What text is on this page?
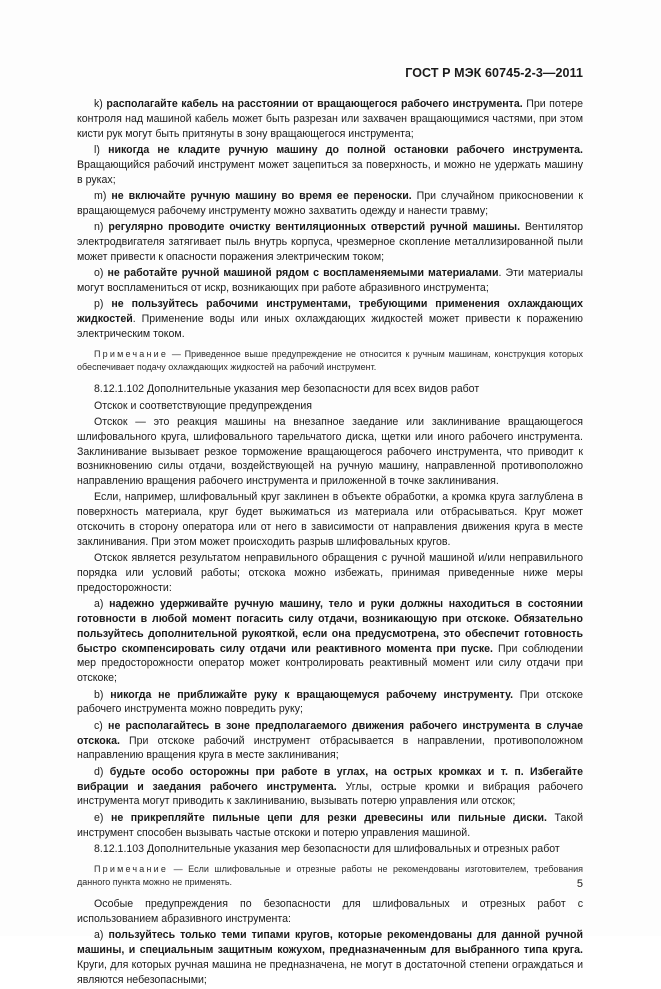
ГОСТ Р МЭК 60745-2-3—2011

k) располагайте кабель на расстоянии от вращающегося рабочего инструмента. При потере контроля над машиной кабель может быть разрезан или захвачен вращающимися частями, при этом кисти рук могут быть притянуты в зону вращающегося инструмента;

l) никогда не кладите ручную машину до полной остановки рабочего инструмента. Вращающийся рабочий инструмент может зацепиться за поверхность, и можно не удержать машину в руках;

m) не включайте ручную машину во время ее переноски. При случайном прикосновении к вращающемуся рабочему инструменту можно захватить одежду и нанести травму;

n) регулярно проводите очистку вентиляционных отверстий ручной машины. Вентилятор электродвигателя затягивает пыль внутрь корпуса, чрезмерное скопление металлизированной пыли может привести к опасности поражения электрическим током;

o) не работайте ручной машиной рядом с воспламеняемыми материалами. Эти материалы могут воспламениться от искр, возникающих при работе абразивного инструмента;

p) не пользуйтесь рабочими инструментами, требующими применения охлаждающих жидкостей. Применение воды или иных охлаждающих жидкостей может привести к поражению электрическим током.

Примечание — Приведенное выше предупреждение не относится к ручным машинам, конструкция которых обеспечивает подачу охлаждающих жидкостей на рабочий инструмент.

8.12.1.102 Дополнительные указания мер безопасности для всех видов работ

Отскок и соответствующие предупреждения

Отскок — это реакция машины на внезапное заедание или заклинивание вращающегося шлифовального круга, шлифовального тарельчатого диска, щетки или иного рабочего инструмента. Заклинивание вызывает резкое торможение вращающегося рабочего инструмента, что приводит к возникновению силы отдачи, воздействующей на ручную машину, направленной противоположно направлению вращения рабочего инструмента и приложенной в точке заклинивания.

Если, например, шлифовальный круг заклинен в объекте обработки, а кромка круга заглублена в поверхность материала, круг будет выжиматься из материала или отбрасываться. Круг может отскочить в сторону оператора или от него в зависимости от направления движения круга в месте заклинивания. При этом может происходить разрыв шлифовальных кругов.

Отскок является результатом неправильного обращения с ручной машиной и/или неправильного порядка или условий работы; отскока можно избежать, принимая приведенные ниже меры предосторожности:

а) надежно удерживайте ручную машину, тело и руки должны находиться в состоянии готовности в любой момент погасить силу отдачи, возникающую при отскоке. Обязательно пользуйтесь дополнительной рукояткой, если она предусмотрена, это обеспечит готовность быстро скомпенсировать силу отдачи или реактивного момента при пуске. При соблюдении мер предосторожности оператор может контролировать реактивный момент или силу отдачи при отскоке;

b) никогда не приближайте руку к вращающемуся рабочему инструменту. При отскоке рабочего инструмента можно повредить руку;

c) не располагайтесь в зоне предполагаемого движения рабочего инструмента в случае отскока. При отскоке рабочий инструмент отбрасывается в направлении, противоположном направлению вращения круга в месте заклинивания;

d) будьте особо осторожны при работе в углах, на острых кромках и т. п. Избегайте вибрации и заедания рабочего инструмента. Углы, острые кромки и вибрация рабочего инструмента могут приводить к заклиниванию, вызывать потерю управления или отскок;

e) не прикрепляйте пильные цепи для резки древесины или пильные диски. Такой инструмент способен вызывать частые отскоки и потерю управления машиной.

8.12.1.103 Дополнительные указания мер безопасности для шлифовальных и отрезных работ

Примечание — Если шлифовальные и отрезные работы не рекомендованы изготовителем, требования данного пункта можно не применять.

Особые предупреждения по безопасности для шлифовальных и отрезных работ с использованием абразивного инструмента:

а) пользуйтесь только теми типами кругов, которые рекомендованы для данной ручной машины, и специальным защитным кожухом, предназначенным для выбранного типа круга. Круги, для которых ручная машина не предназначена, не могут в достаточной степени ограждаться и являются небезопасными;

5
